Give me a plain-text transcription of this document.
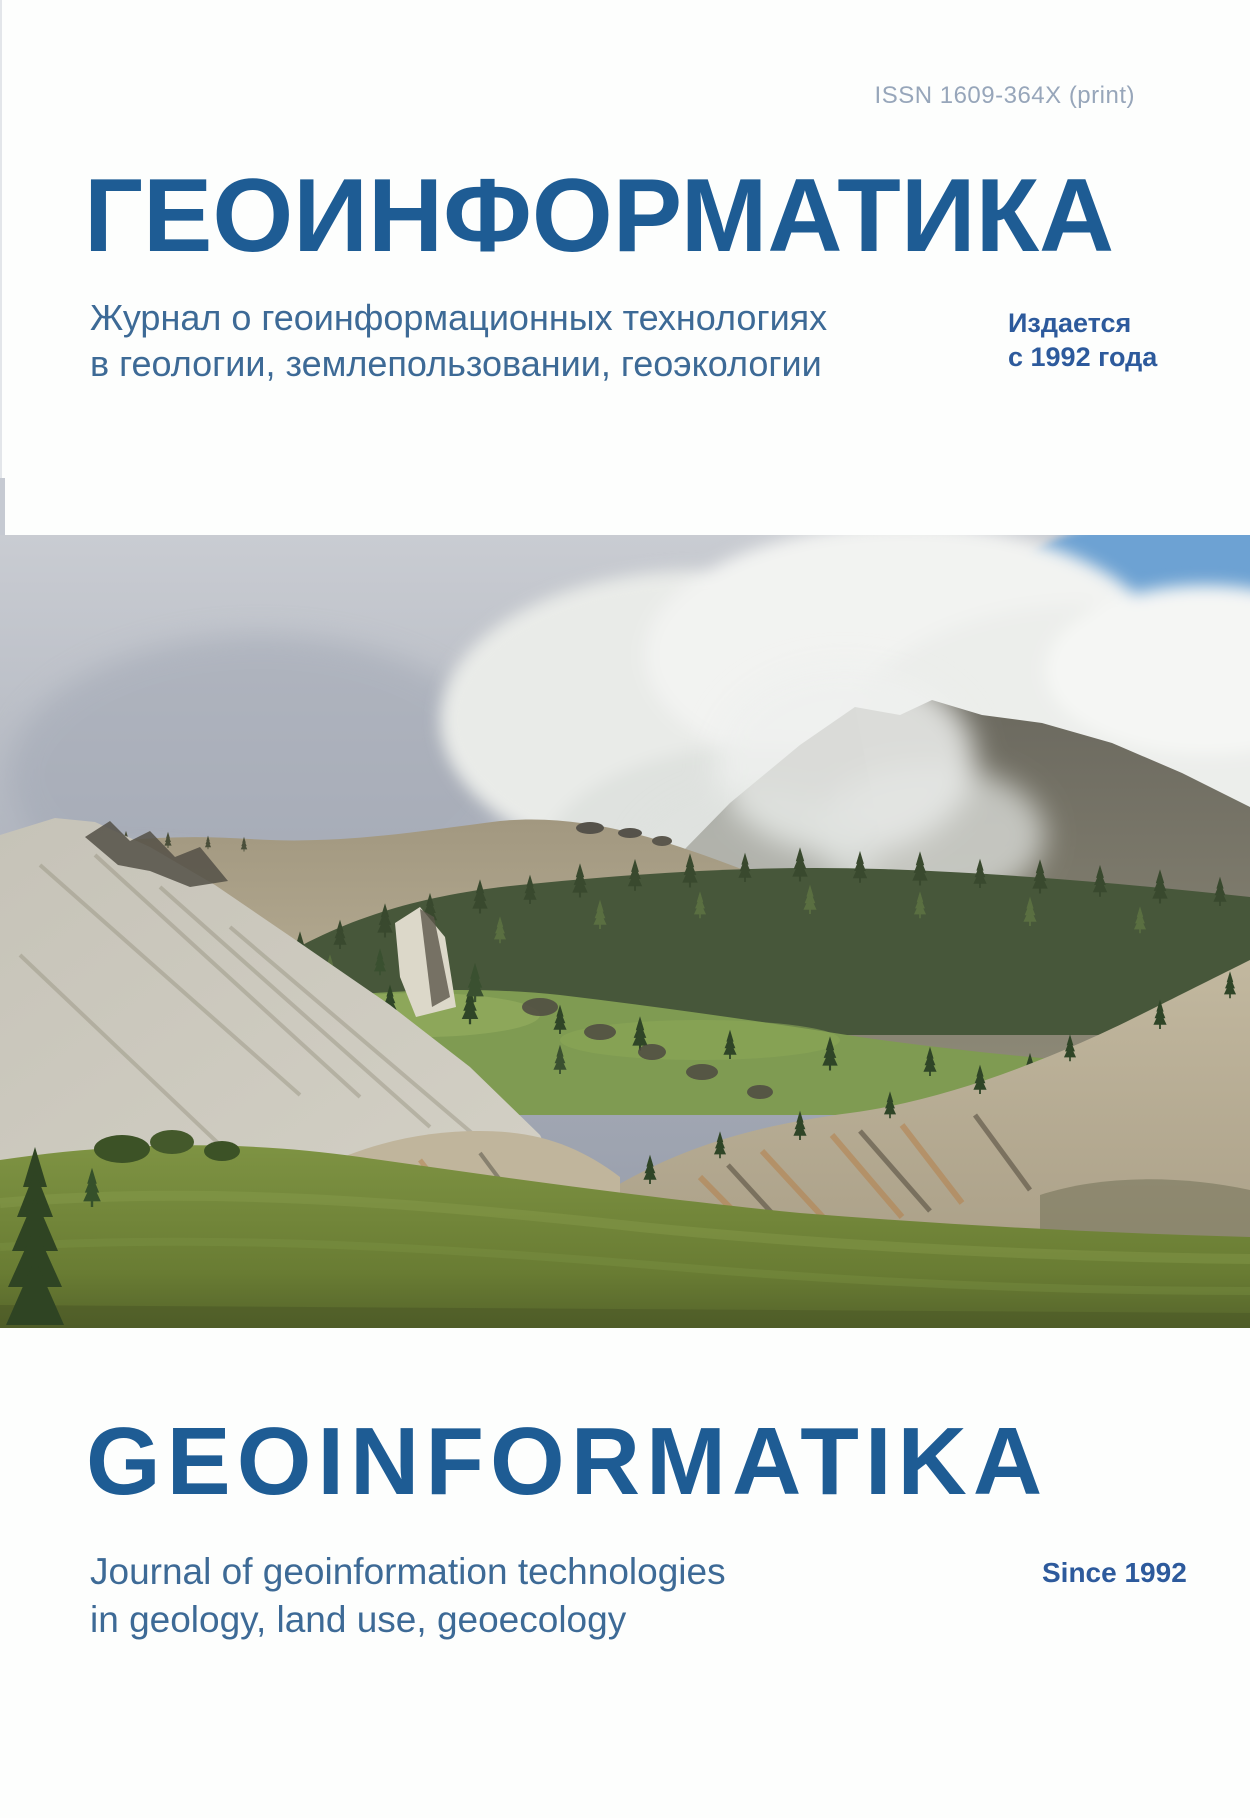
ISSN 1609-364X (print)
ГЕОИНФОРМАТИКА
Журнал о геоинформационных технологиях
в геологии, землепользовании, геоэкологии
Издается
с 1992 года
GEOINFORMATIKA
Journal of geoinformation technologies
in geology, land use, geoecology
Since 1992
